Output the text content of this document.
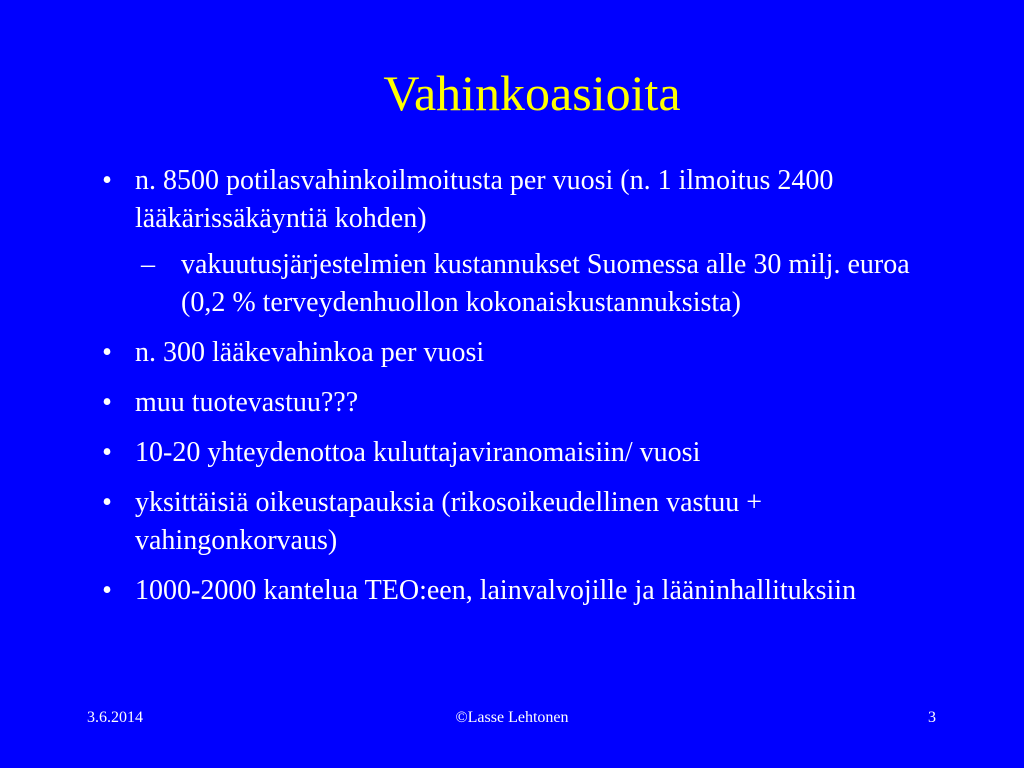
Vahinkoasioita
• n. 8500 potilasvahinkoilmoitusta per vuosi (n. 1 ilmoitus 2400 lääkärissäkäyntiä kohden)
– vakuutusjärjestelmien kustannukset Suomessa alle 30 milj. euroa (0,2 % terveydenhuollon kokonaiskustannuksista)
• n. 300 lääkevahinkoa per vuosi
• muu tuotevastuu???
• 10-20 yhteydenottoa kuluttajaviranomaisiin/ vuosi
• yksittäisiä oikeustapauksia (rikosoikeudellinen vastuu + vahingonkorvaus)
• 1000-2000 kantelua TEO:een, lainvalvojille ja lääninhallituksiin
3.6.2014	©Lasse Lehtonen	3
